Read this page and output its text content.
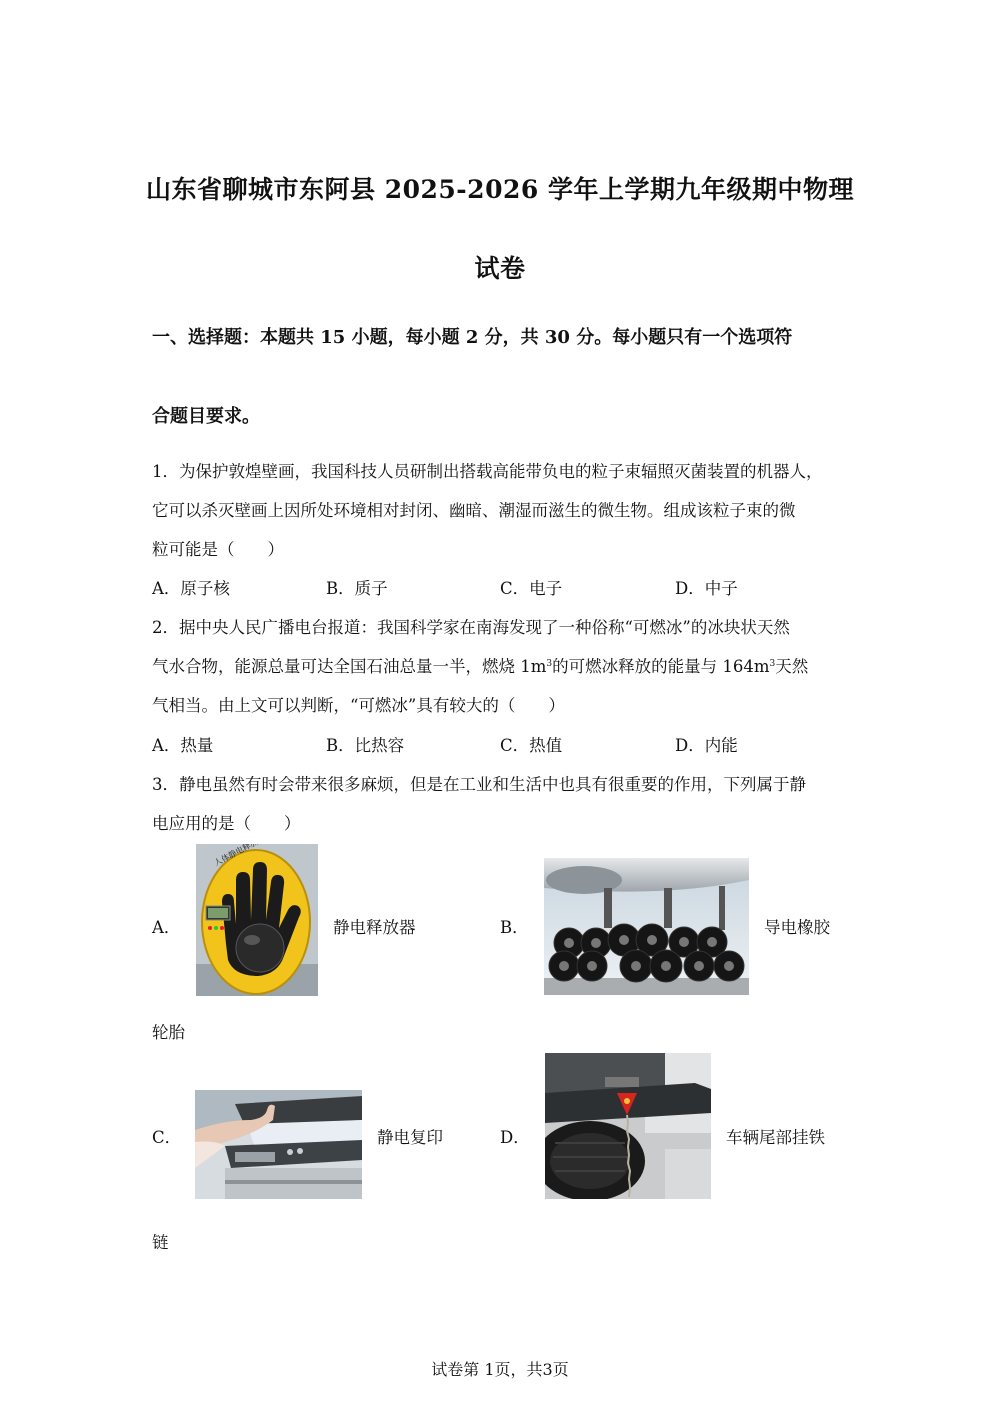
山东省聊城市东阿县 2025-2026 学年上学期九年级期中物理
试卷
一、选择题：本题共 15 小题，每小题 2 分，共 30 分。每小题只有一个选项符
合题目要求。
1．为保护敦煌壁画，我国科技人员研制出搭载高能带负电的粒子束辐照灭菌装置的机器人，
它可以杀灭壁画上因所处环境相对封闭、幽暗、潮湿而滋生的微生物。组成该粒子束的微
粒可能是（　　）
A．原子核	B．质子	C．电子	D．中子
2．据中央人民广播电台报道：我国科学家在南海发现了一种俗称“可燃冰”的冰块状天然
气水合物，能源总量可达全国石油总量一半，燃烧 $1m^3$的可燃冰释放的能量与 $164m^3$天然
气相当。由上文可以判断，“可燃冰”具有较大的（　　）
A．热量	B．比热容	C．热值	D．内能
3．静电虽然有时会带来很多麻烦，但是在工业和生活中也具有很重要的作用，下列属于静
电应用的是（　　）
A．	静电释放器	B．	导电橡胶
轮胎
C．	静电复印	D．	车辆尾部挂铁
链
试卷第 1页，共3页
